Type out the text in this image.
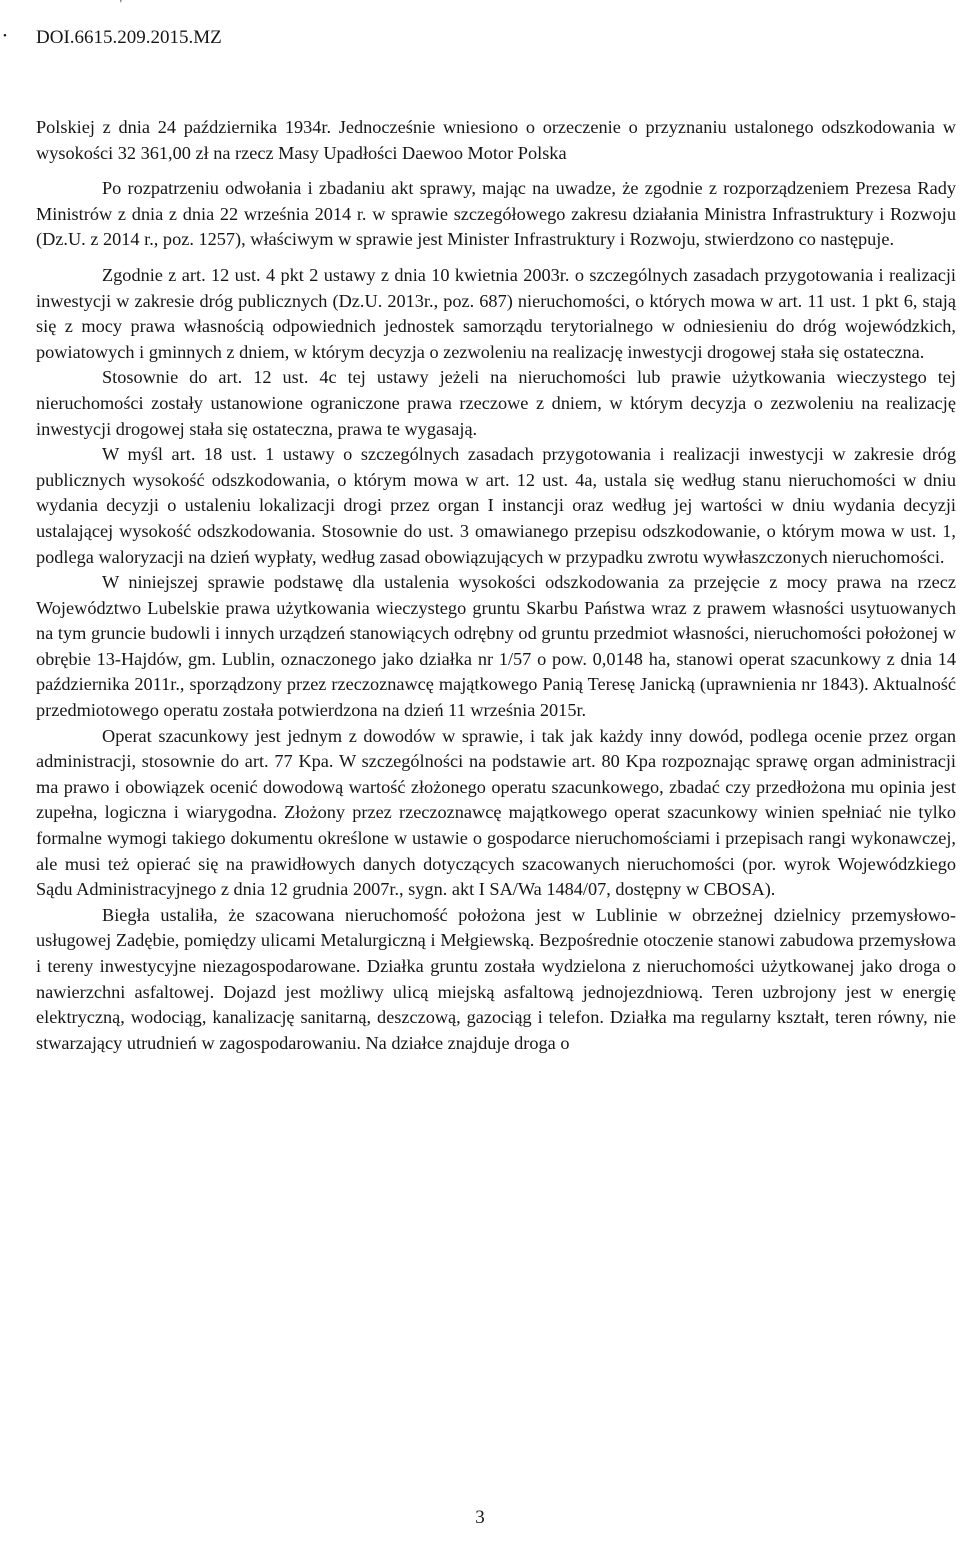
'
• DOI.6615.209.2015.MZ

Polskiej z dnia 24 października 1934r. Jednocześnie wniesiono o orzeczenie o przyznaniu ustalonego odszkodowania w wysokości 32 361,00 zł na rzecz Masy Upadłości Daewoo Motor Polska

Po rozpatrzeniu odwołania i zbadaniu akt sprawy, mając na uwadze, że zgodnie z rozporządzeniem Prezesa Rady Ministrów z dnia z dnia 22 września 2014 r. w sprawie szczegółowego zakresu działania Ministra Infrastruktury i Rozwoju (Dz.U. z 2014 r., poz. 1257), właściwym w sprawie jest Minister Infrastruktury i Rozwoju, stwierdzono co następuje.

Zgodnie z art. 12 ust. 4 pkt 2 ustawy z dnia 10 kwietnia 2003r. o szczególnych zasadach przygotowania i realizacji inwestycji w zakresie dróg publicznych (Dz.U. 2013r., poz. 687) nieruchomości, o których mowa w art. 11 ust. 1 pkt 6, stają się z mocy prawa własnością odpowiednich jednostek samorządu terytorialnego w odniesieniu do dróg wojewódzkich, powiatowych i gminnych z dniem, w którym decyzja o zezwoleniu na realizację inwestycji drogowej stała się ostateczna.

Stosownie do art. 12 ust. 4c tej ustawy jeżeli na nieruchomości lub prawie użytkowania wieczystego tej nieruchomości zostały ustanowione ograniczone prawa rzeczowe z dniem, w którym decyzja o zezwoleniu na realizację inwestycji drogowej stała się ostateczna, prawa te wygasają.

W myśl art. 18 ust. 1 ustawy o szczególnych zasadach przygotowania i realizacji inwestycji w zakresie dróg publicznych wysokość odszkodowania, o którym mowa w art. 12 ust. 4a, ustala się według stanu nieruchomości w dniu wydania decyzji o ustaleniu lokalizacji drogi przez organ I instancji oraz według jej wartości w dniu wydania decyzji ustalającej wysokość odszkodowania. Stosownie do ust. 3 omawianego przepisu odszkodowanie, o którym mowa w ust. 1, podlega waloryzacji na dzień wypłaty, według zasad obowiązujących w przypadku zwrotu wywłaszczonych nieruchomości.

W niniejszej sprawie podstawę dla ustalenia wysokości odszkodowania za przejęcie z mocy prawa na rzecz Województwo Lubelskie prawa użytkowania wieczystego gruntu Skarbu Państwa wraz z prawem własności usytuowanych na tym gruncie budowli i innych urządzeń stanowiących odrębny od gruntu przedmiot własności, nieruchomości położonej w obrębie 13-Hajdów, gm. Lublin, oznaczonego jako działka nr 1/57 o pow. 0,0148 ha, stanowi operat szacunkowy z dnia 14 października 2011r., sporządzony przez rzeczoznawcę majątkowego Panią Teresę Janicką (uprawnienia nr 1843). Aktualność przedmiotowego operatu została potwierdzona na dzień 11 września 2015r.

Operat szacunkowy jest jednym z dowodów w sprawie, i tak jak każdy inny dowód, podlega ocenie przez organ administracji, stosownie do art. 77 Kpa. W szczególności na podstawie art. 80 Kpa rozpoznając sprawę organ administracji ma prawo i obowiązek ocenić dowodową wartość złożonego operatu szacunkowego, zbadać czy przedłożona mu opinia jest zupełna, logiczna i wiarygodna. Złożony przez rzeczoznawcę majątkowego operat szacunkowy winien spełniać nie tylko formalne wymogi takiego dokumentu określone w ustawie o gospodarce nieruchomościami i przepisach rangi wykonawczej, ale musi też opierać się na prawidłowych danych dotyczących szacowanych nieruchomości (por. wyrok Wojewódzkiego Sądu Administracyjnego z dnia 12 grudnia 2007r., sygn. akt I SA/Wa 1484/07, dostępny w CBOSA).

Biegła ustaliła, że szacowana nieruchomość położona jest w Lublinie w obrzeżnej dzielnicy przemysłowo-usługowej Zadębie, pomiędzy ulicami Metalurgiczną i Mełgiewską. Bezpośrednie otoczenie stanowi zabudowa przemysłowa i tereny inwestycyjne niezagospodarowane. Działka gruntu została wydzielona z nieruchomości użytkowanej jako droga o nawierzchni asfaltowej. Dojazd jest możliwy ulicą miejską asfaltową jednojezdniową. Teren uzbrojony jest w energię elektryczną, wodociąg, kanalizację sanitarną, deszczową, gazociąg i telefon. Działka ma regularny kształt, teren równy, nie stwarzający utrudnień w zagospodarowaniu. Na działce znajduje droga o

3
